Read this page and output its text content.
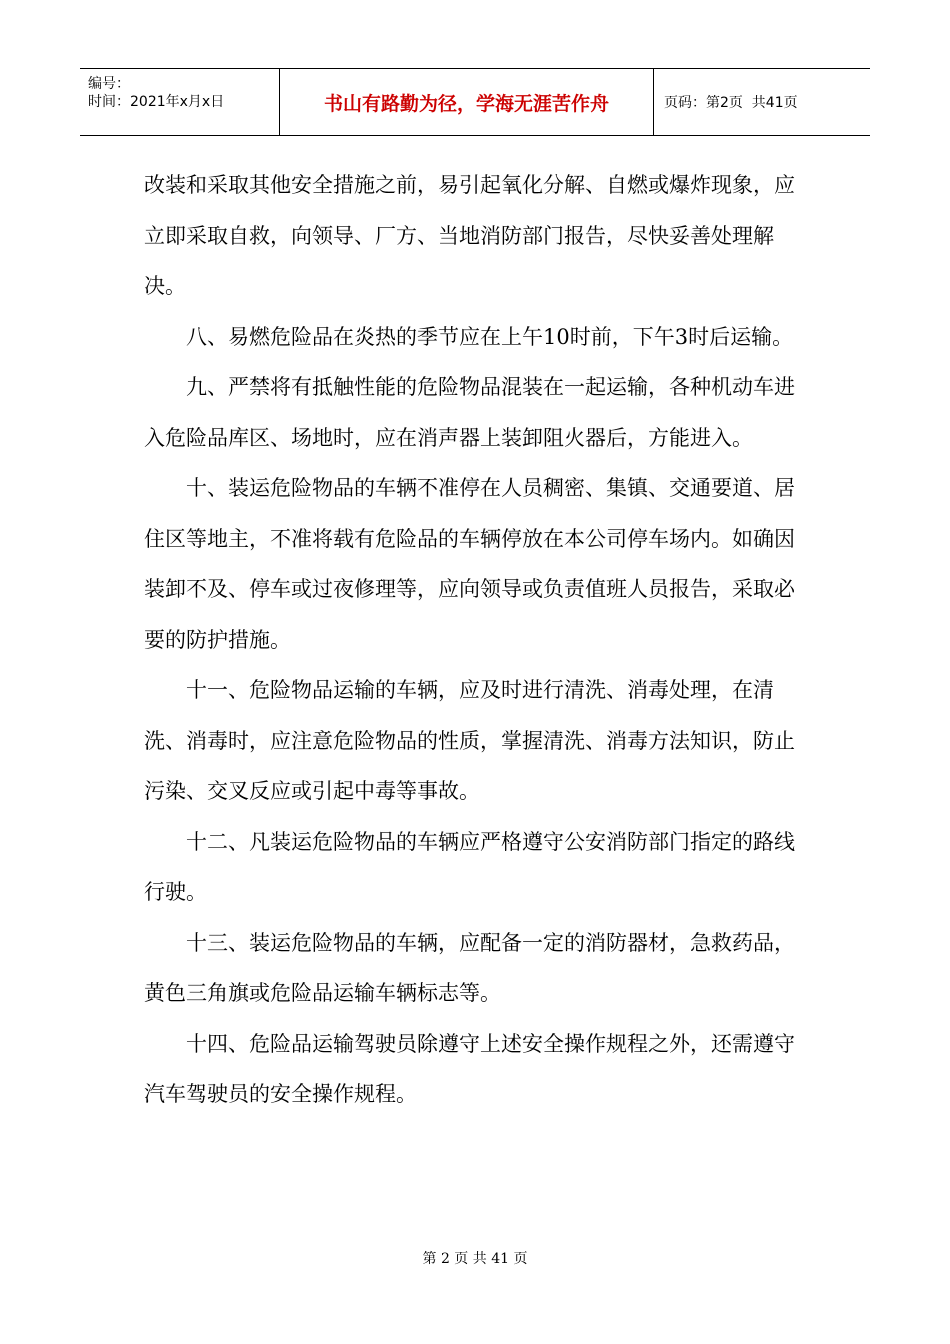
编号：
时间：2021年x月x日	书山有路勤为径，学海无涯苦作舟	页码：第2页  共41页

改装和采取其他安全措施之前，易引起氧化分解、自燃或爆炸现象，应立即采取自救，向领导、厂方、当地消防部门报告，尽快妥善处理解决。

八、易燃危险品在炎热的季节应在上午10时前，下午3时后运输。

九、严禁将有抵触性能的危险物品混装在一起运输，各种机动车进入危险品库区、场地时，应在消声器上装卸阻火器后，方能进入。

十、装运危险物品的车辆不准停在人员稠密、集镇、交通要道、居住区等地主，不准将载有危险品的车辆停放在本公司停车场内。如确因装卸不及、停车或过夜修理等，应向领导或负责值班人员报告，采取必要的防护措施。

十一、危险物品运输的车辆，应及时进行清洗、消毒处理，在清洗、消毒时，应注意危险物品的性质，掌握清洗、消毒方法知识，防止污染、交叉反应或引起中毒等事故。

十二、凡装运危险物品的车辆应严格遵守公安消防部门指定的路线行驶。

十三、装运危险物品的车辆，应配备一定的消防器材，急救药品，黄色三角旗或危险品运输车辆标志等。

十四、危险品运输驾驶员除遵守上述安全操作规程之外，还需遵守汽车驾驶员的安全操作规程。

第 2 页 共 41 页
